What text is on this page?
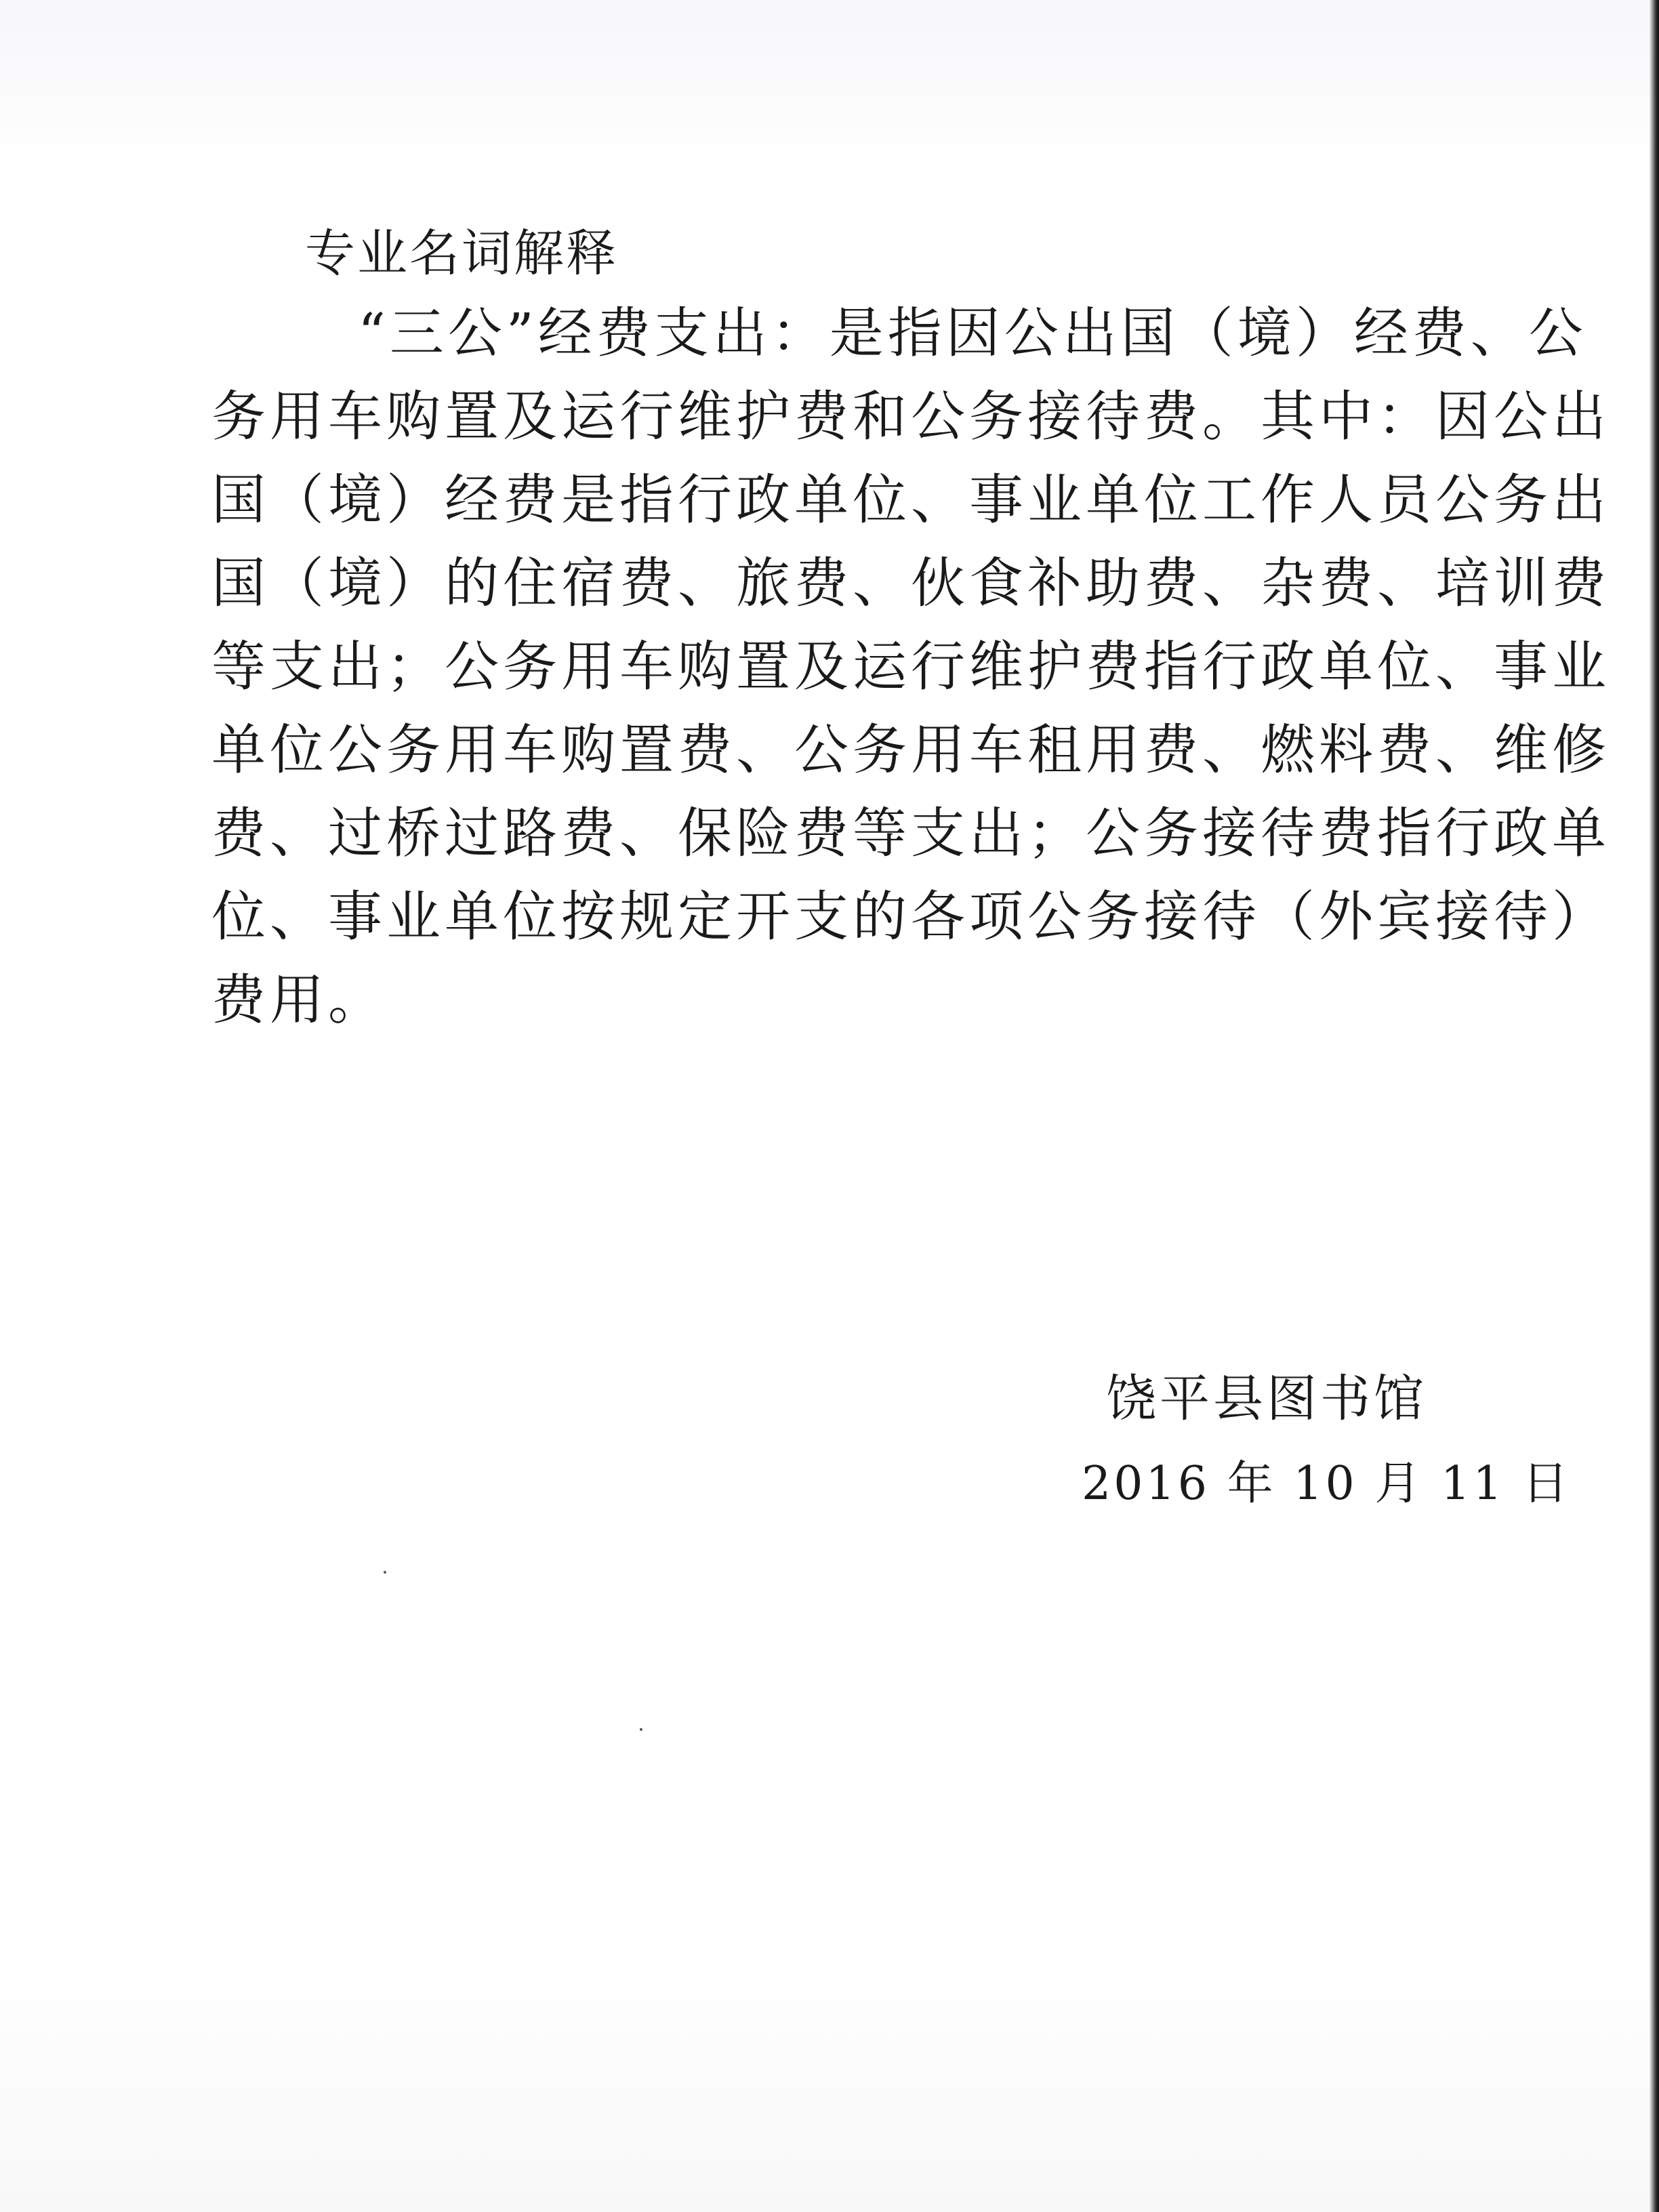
专业名词解释
“三公”经费支出：是指因公出国（境）经费、公
务用车购置及运行维护费和公务接待费。其中：因公出
国（境）经费是指行政单位、事业单位工作人员公务出
国（境）的住宿费、旅费、伙食补助费、杂费、培训费
等支出；公务用车购置及运行维护费指行政单位、事业
单位公务用车购置费、公务用车租用费、燃料费、维修
费、过桥过路费、保险费等支出；公务接待费指行政单
位、事业单位按规定开支的各项公务接待（外宾接待）
费用。
饶平县图书馆
2016 年 10 月 11 日
